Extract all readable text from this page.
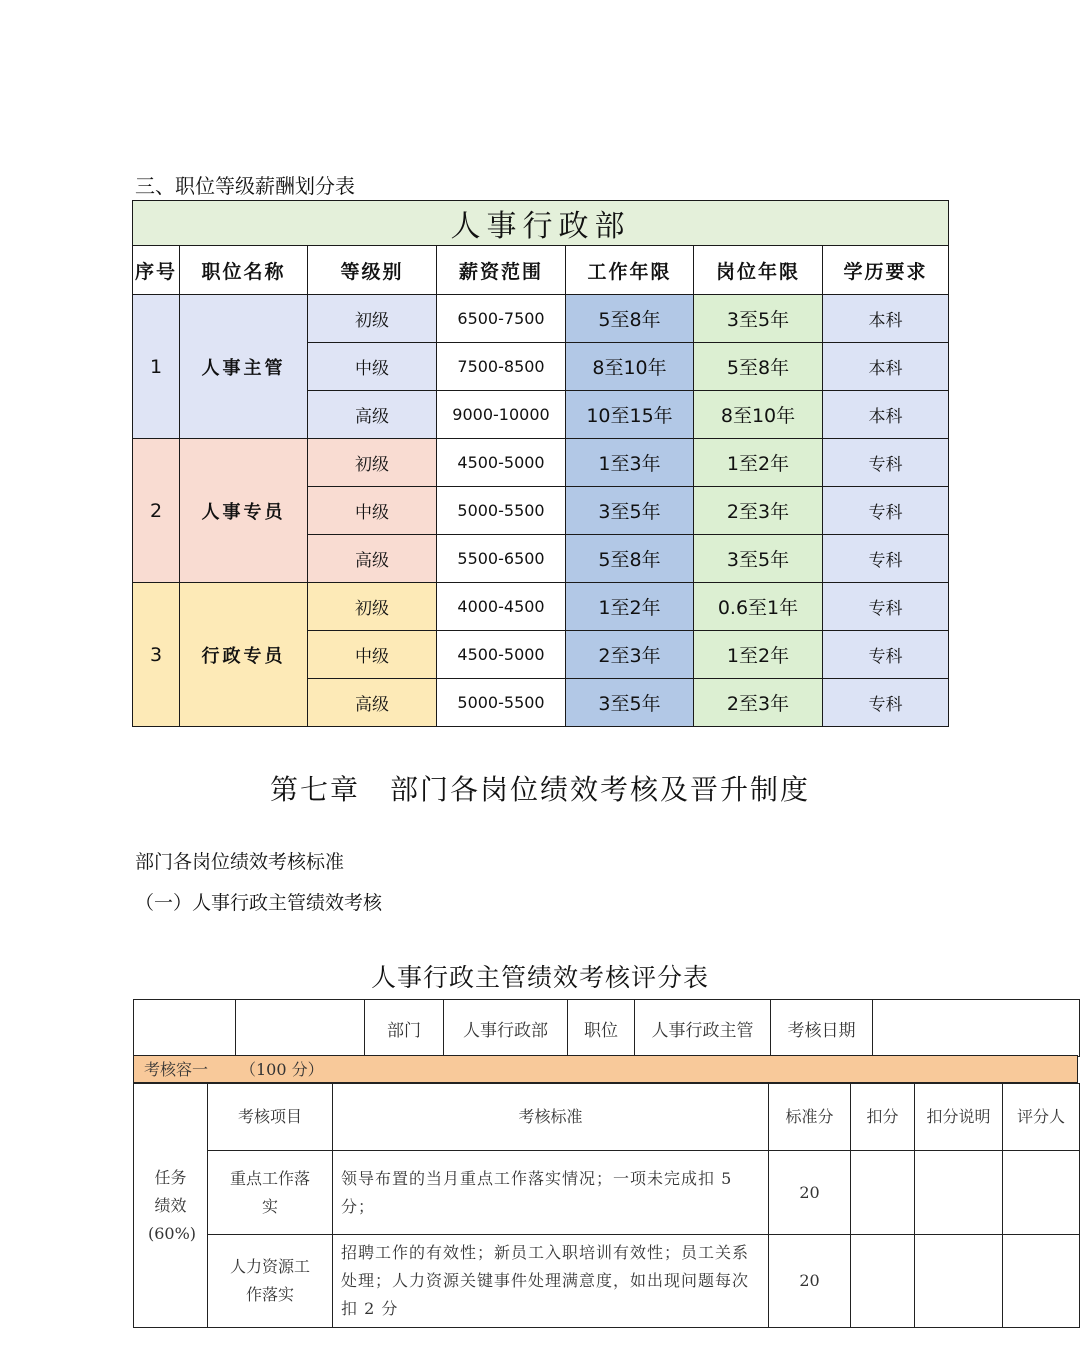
三、职位等级薪酬划分表
人事行政部						
序号	职位名称	等级别	薪资范围	工作年限	岗位年限	学历要求
1	人事主管	初级	6500-7500	5至8年	3至5年	本科
		中级	7500-8500	8至10年	5至8年	本科
		高级	9000-10000	10至15年	8至10年	本科
2	人事专员	初级	4500-5000	1至3年	1至2年	专科
		中级	5000-5500	3至5年	2至3年	专科
		高级	5500-6500	5至8年	3至5年	专科
3	行政专员	初级	4000-4500	1至2年	0.6至1年	专科
		中级	4500-5000	2至3年	1至2年	专科
		高级	5000-5500	3至5年	2至3年	专科
第七章　部门各岗位绩效考核及晋升制度
部门各岗位绩效考核标准
（一）人事行政主管绩效考核
人事行政主管绩效考核评分表
		部门	人事行政部	职位	人事行政主管	考核日期	
考核容一 （100 分）
任务绩效(60%)	考核项目	考核标准	标准分	扣分	扣分说明	评分人
	重点工作落实	领导布置的当月重点工作落实情况；一项未完成扣 5 分；	20			
	人力资源工作落实	招聘工作的有效性；新员工入职培训有效性；员工关系处理；人力资源关键事件处理满意度，如出现问题每次扣 2 分	20			
